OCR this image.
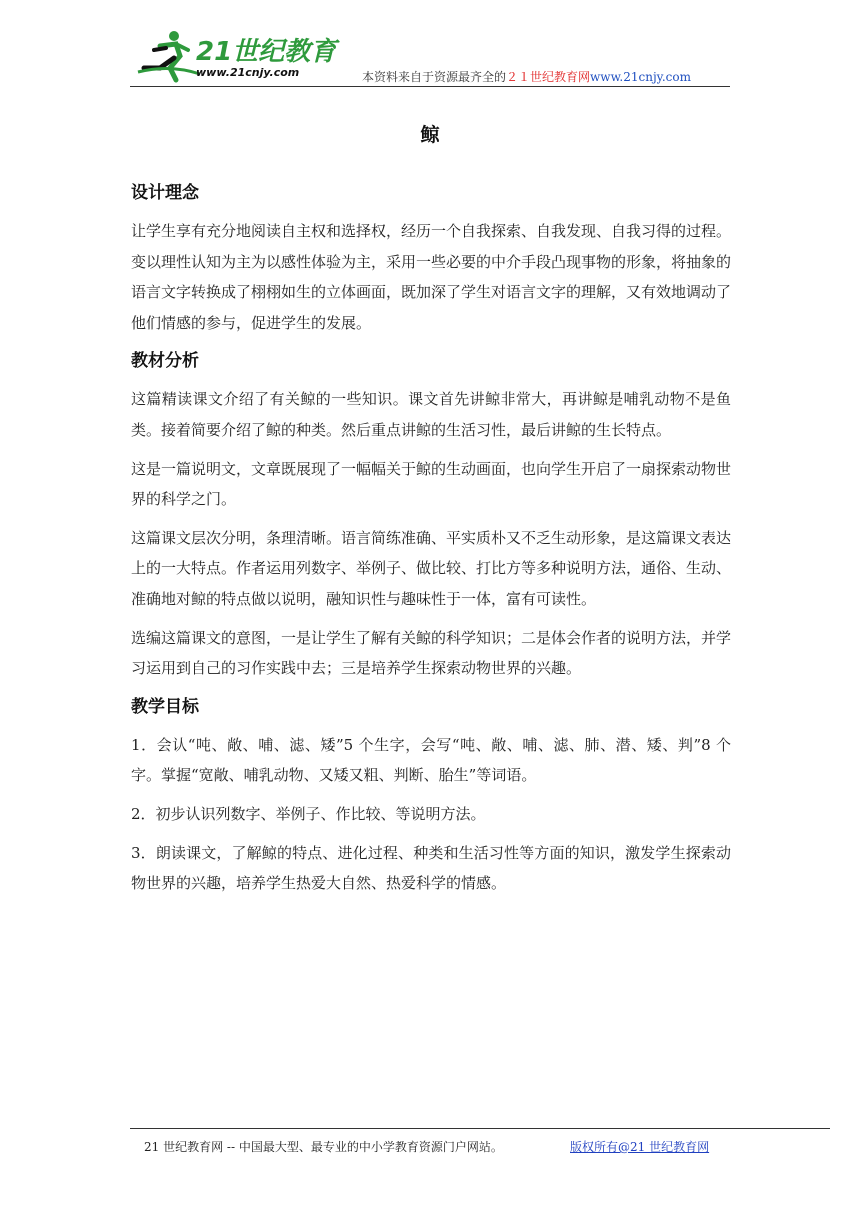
21世纪教育
www.21cnjy.com	本资料来自于资源最齐全的２１世纪教育网www.21cnjy.com
鲸
设计理念
让学生享有充分地阅读自主权和选择权，经历一个自我探索、自我发现、自我习得的过程。变以理性认知为主为以感性体验为主，采用一些必要的中介手段凸现事物的形象，将抽象的语言文字转换成了栩栩如生的立体画面，既加深了学生对语言文字的理解，又有效地调动了他们情感的参与，促进学生的发展。
教材分析
这篇精读课文介绍了有关鲸的一些知识。课文首先讲鲸非常大，再讲鲸是哺乳动物不是鱼类。接着简要介绍了鲸的种类。然后重点讲鲸的生活习性，最后讲鲸的生长特点。
这是一篇说明文，文章既展现了一幅幅关于鲸的生动画面，也向学生开启了一扇探索动物世界的科学之门。
这篇课文层次分明，条理清晰。语言简练准确、平实质朴又不乏生动形象，是这篇课文表达上的一大特点。作者运用列数字、举例子、做比较、打比方等多种说明方法，通俗、生动、准确地对鲸的特点做以说明，融知识性与趣味性于一体，富有可读性。
选编这篇课文的意图，一是让学生了解有关鲸的科学知识；二是体会作者的说明方法，并学习运用到自己的习作实践中去；三是培养学生探索动物世界的兴趣。
教学目标
1．会认“吨、敞、哺、滤、矮”5 个生字，会写“吨、敞、哺、滤、肺、潜、矮、判”8 个字。掌握“宽敞、哺乳动物、又矮又粗、判断、胎生”等词语。
2．初步认识列数字、举例子、作比较、等说明方法。
3．朗读课文，了解鲸的特点、进化过程、种类和生活习性等方面的知识，激发学生探索动物世界的兴趣，培养学生热爱大自然、热爱科学的情感。
21 世纪教育网 -- 中国最大型、最专业的中小学教育资源门户网站。	版权所有@21 世纪教育网
